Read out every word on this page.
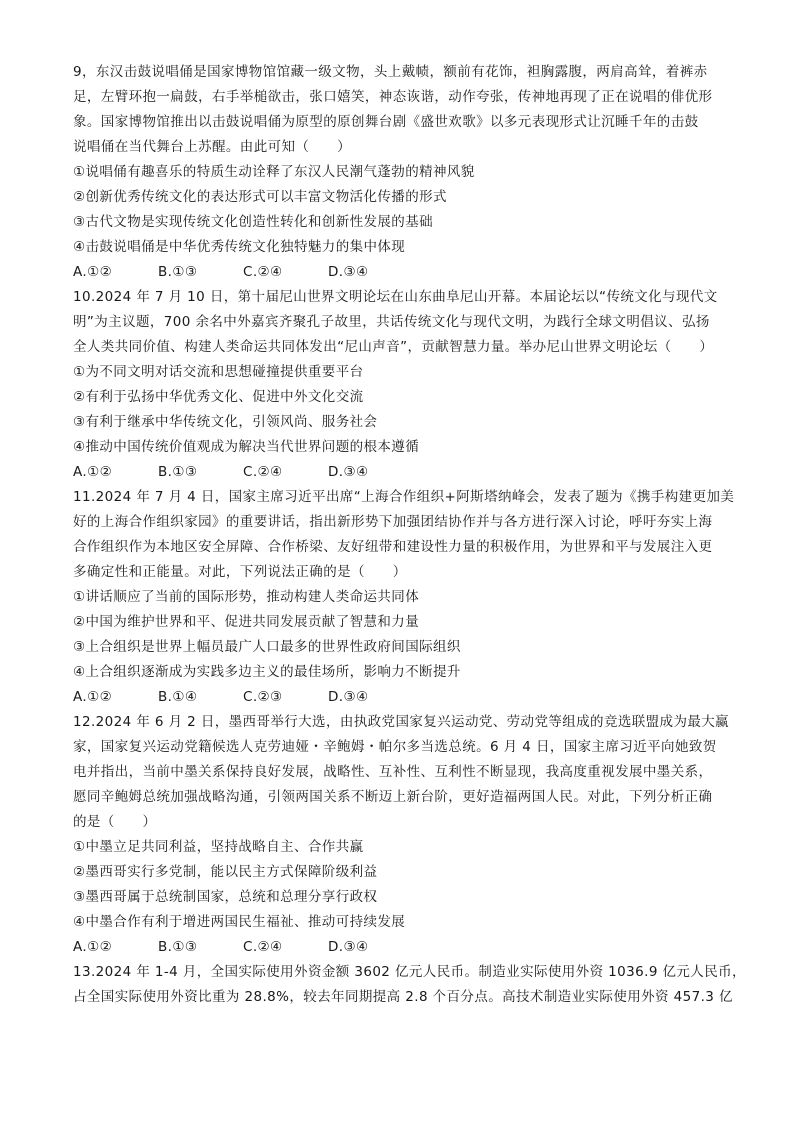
9，东汉击鼓说唱俑是国家博物馆馆藏一级文物，头上戴帻，额前有花饰，袒胸露腹，两肩高耸，着裤赤
足，左臂环抱一扁鼓，右手举槌欲击，张口嬉笑，神态诙谐，动作夸张，传神地再现了正在说唱的俳优形
象。国家博物馆推出以击鼓说唱俑为原型的原创舞台剧《盛世欢歌》以多元表现形式让沉睡千年的击鼓
说唱俑在当代舞台上苏醒。由此可知（　　）
①说唱俑有趣喜乐的特质生动诠释了东汉人民潮气蓬勃的精神风貌
②创新优秀传统文化的表达形式可以丰富文物活化传播的形式
③古代文物是实现传统文化创造性转化和创新性发展的基础
④击鼓说唱俑是中华优秀传统文化独特魅力的集中体现
A.①②	B.①③	C.②④	D.③④
10.2024 年 7 月 10 日，第十届尼山世界文明论坛在山东曲阜尼山开幕。本届论坛以“传统文化与现代文
明”为主议题，700 余名中外嘉宾齐聚孔子故里，共话传统文化与现代文明，为践行全球文明倡议、弘扬
全人类共同价值、构建人类命运共同体发出“尼山声音”，贡献智慧力量。举办尼山世界文明论坛（　　）
①为不同文明对话交流和思想碰撞提供重要平台
②有利于弘扬中华优秀文化、促进中外文化交流
③有利于继承中华传统文化，引领风尚、服务社会
④推动中国传统价值观成为解决当代世界问题的根本遵循
A.①②	B.①③	C.②④	D.③④
11.2024 年 7 月 4 日，国家主席习近平出席“上海合作组织+阿斯塔纳峰会，发表了题为《携手构建更加美
好的上海合作组织家园》的重要讲话，指出新形势下加强团结协作并与各方进行深入讨论，呼吁夯实上海
合作组织作为本地区安全屏障、合作桥梁、友好纽带和建设性力量的积极作用，为世界和平与发展注入更
多确定性和正能量。对此，下列说法正确的是（　　）
①讲话顺应了当前的国际形势，推动构建人类命运共同体
②中国为维护世界和平、促进共同发展贡献了智慧和力量
③上合组织是世界上幅员最广人口最多的世界性政府间国际组织
④上合组织逐渐成为实践多边主义的最佳场所，影响力不断提升
A.①②	B.①④	C.②③	D.③④
12.2024 年 6 月 2 日，墨西哥举行大选，由执政党国家复兴运动党、劳动党等组成的竞选联盟成为最大赢
家，国家复兴运动党籍候选人克劳迪娅・辛鲍姆・帕尔多当选总统。6 月 4 日，国家主席习近平向她致贺
电并指出，当前中墨关系保持良好发展，战略性、互补性、互利性不断显现，我高度重视发展中墨关系，
愿同辛鲍姆总统加强战略沟通，引领两国关系不断迈上新台阶，更好造福两国人民。对此，下列分析正确
的是（　　）
①中墨立足共同利益，坚持战略自主、合作共赢
②墨西哥实行多党制，能以民主方式保障阶级利益
③墨西哥属于总统制国家，总统和总理分享行政权
④中墨合作有利于增进两国民生福祉、推动可持续发展
A.①②	B.①③	C.②④	D.③④
13.2024 年 1-4 月，全国实际使用外资金额 3602 亿元人民币。制造业实际使用外资 1036.9 亿元人民币，
占全国实际使用外资比重为 28.8%，较去年同期提高 2.8 个百分点。高技术制造业实际使用外资 457.3 亿
